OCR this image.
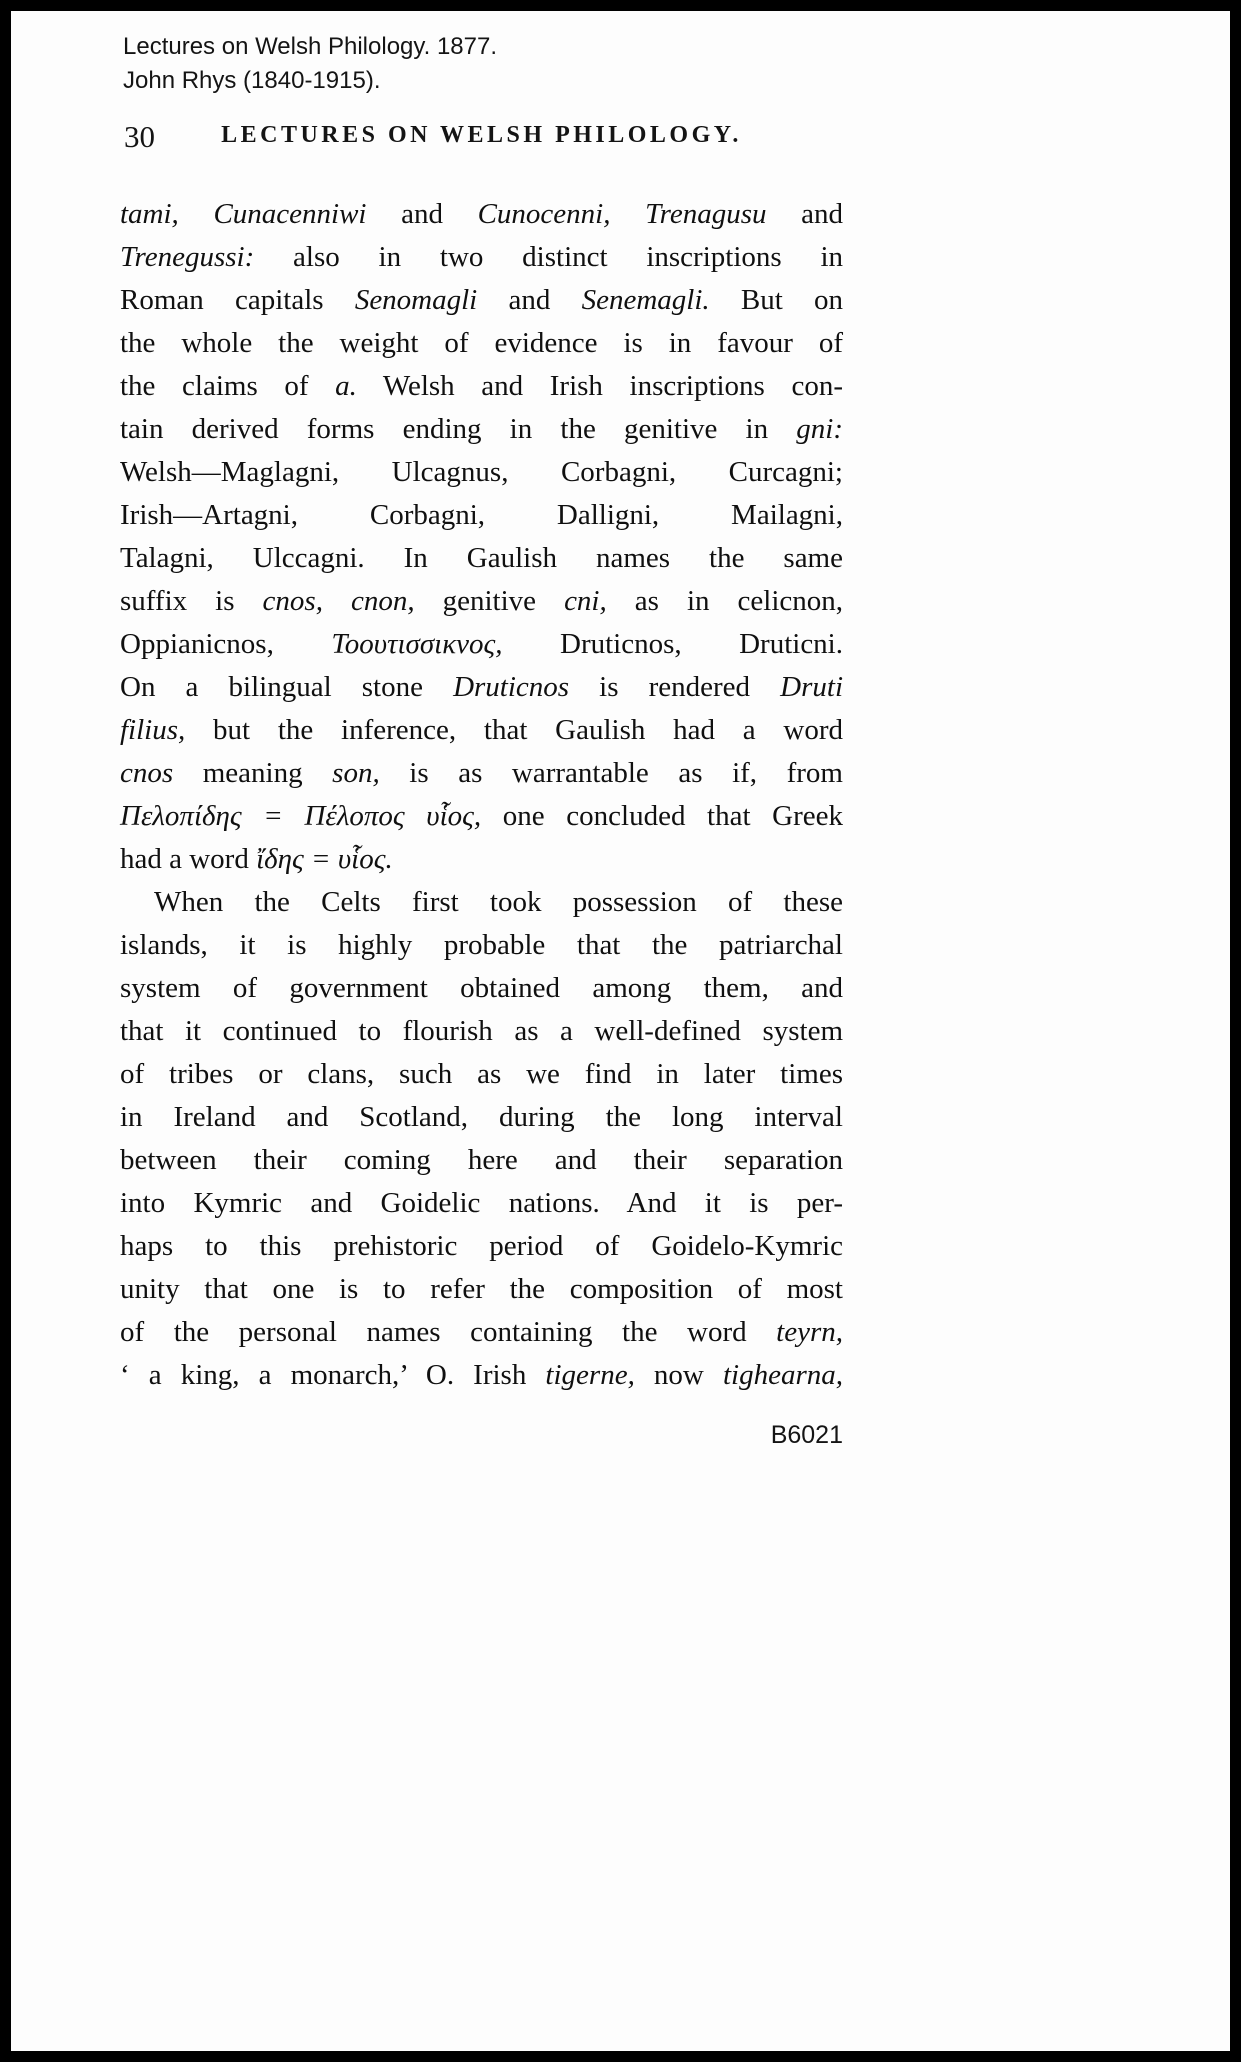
Lectures on Welsh Philology. 1877.
John Rhys (1840-1915).
30	LECTURES ON WELSH PHILOLOGY.
tami, Cunacenniwi and Cunocenni, Trenagusu and
Trenegussi: also in two distinct inscriptions in
Roman capitals Senomagli and Senemagli. But on
the whole the weight of evidence is in favour of
the claims of a. Welsh and Irish inscriptions con-
tain derived forms ending in the genitive in gni:
Welsh—Maglagni, Ulcagnus, Corbagni, Curcagni;
Irish—Artagni, Corbagni, Dalligni, Mailagni,
Talagni, Ulccagni. In Gaulish names the same
suffix is cnos, cnon, genitive cni, as in celicnon,
Oppianicnos, Τοουτισσικνος, Druticnos, Druticni.
On a bilingual stone Druticnos is rendered Druti
filius, but the inference, that Gaulish had a word
cnos meaning son, is as warrantable as if, from
Πελοπίδης = Πέλοπος υἷος, one concluded that Greek
had a word ἴδης = υἷος.
When the Celts first took possession of these
islands, it is highly probable that the patriarchal
system of government obtained among them, and
that it continued to flourish as a well-defined system
of tribes or clans, such as we find in later times
in Ireland and Scotland, during the long interval
between their coming here and their separation
into Kymric and Goidelic nations. And it is per-
haps to this prehistoric period of Goidelo-Kymric
unity that one is to refer the composition of most
of the personal names containing the word teyrn,
‘ a king, a monarch,’ O. Irish tigerne, now tighearna,
B6021
